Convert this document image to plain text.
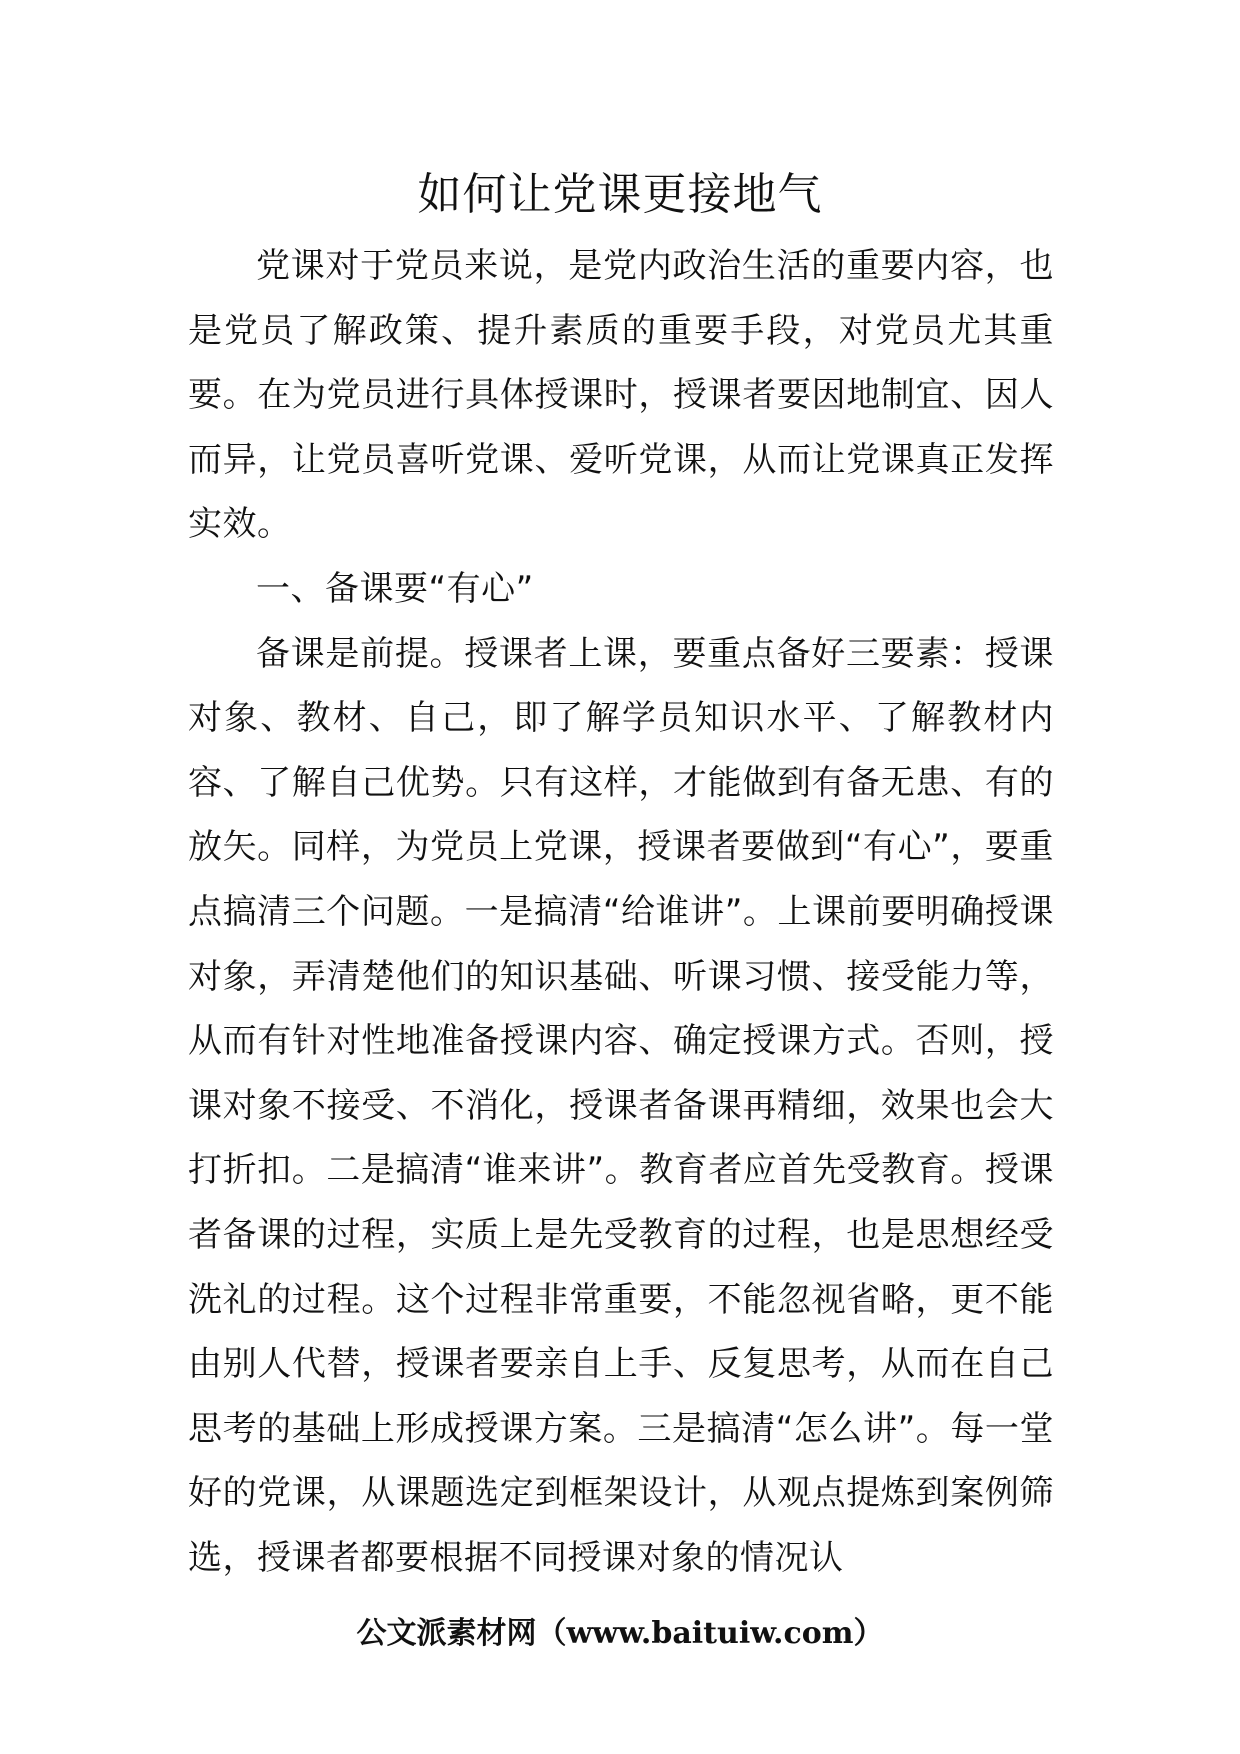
如何让党课更接地气

党课对于党员来说，是党内政治生活的重要内容，也是党员了解政策、提升素质的重要手段，对党员尤其重要。在为党员进行具体授课时，授课者要因地制宜、因人而异，让党员喜听党课、爱听党课，从而让党课真正发挥实效。

一、备课要“有心”

备课是前提。授课者上课，要重点备好三要素：授课对象、教材、自己，即了解学员知识水平、了解教材内容、了解自己优势。只有这样，才能做到有备无患、有的放矢。同样，为党员上党课，授课者要做到“有心”，要重点搞清三个问题。一是搞清“给谁讲”。上课前要明确授课对象，弄清楚他们的知识基础、听课习惯、接受能力等，从而有针对性地准备授课内容、确定授课方式。否则，授课对象不接受、不消化，授课者备课再精细，效果也会大打折扣。二是搞清“谁来讲”。教育者应首先受教育。授课者备课的过程，实质上是先受教育的过程，也是思想经受洗礼的过程。这个过程非常重要，不能忽视省略，更不能由别人代替，授课者要亲自上手、反复思考，从而在自己思考的基础上形成授课方案。三是搞清“怎么讲”。每一堂好的党课，从课题选定到框架设计，从观点提炼到案例筛选，授课者都要根据不同授课对象的情况认

公文派素材网（www.baituiw.com）
